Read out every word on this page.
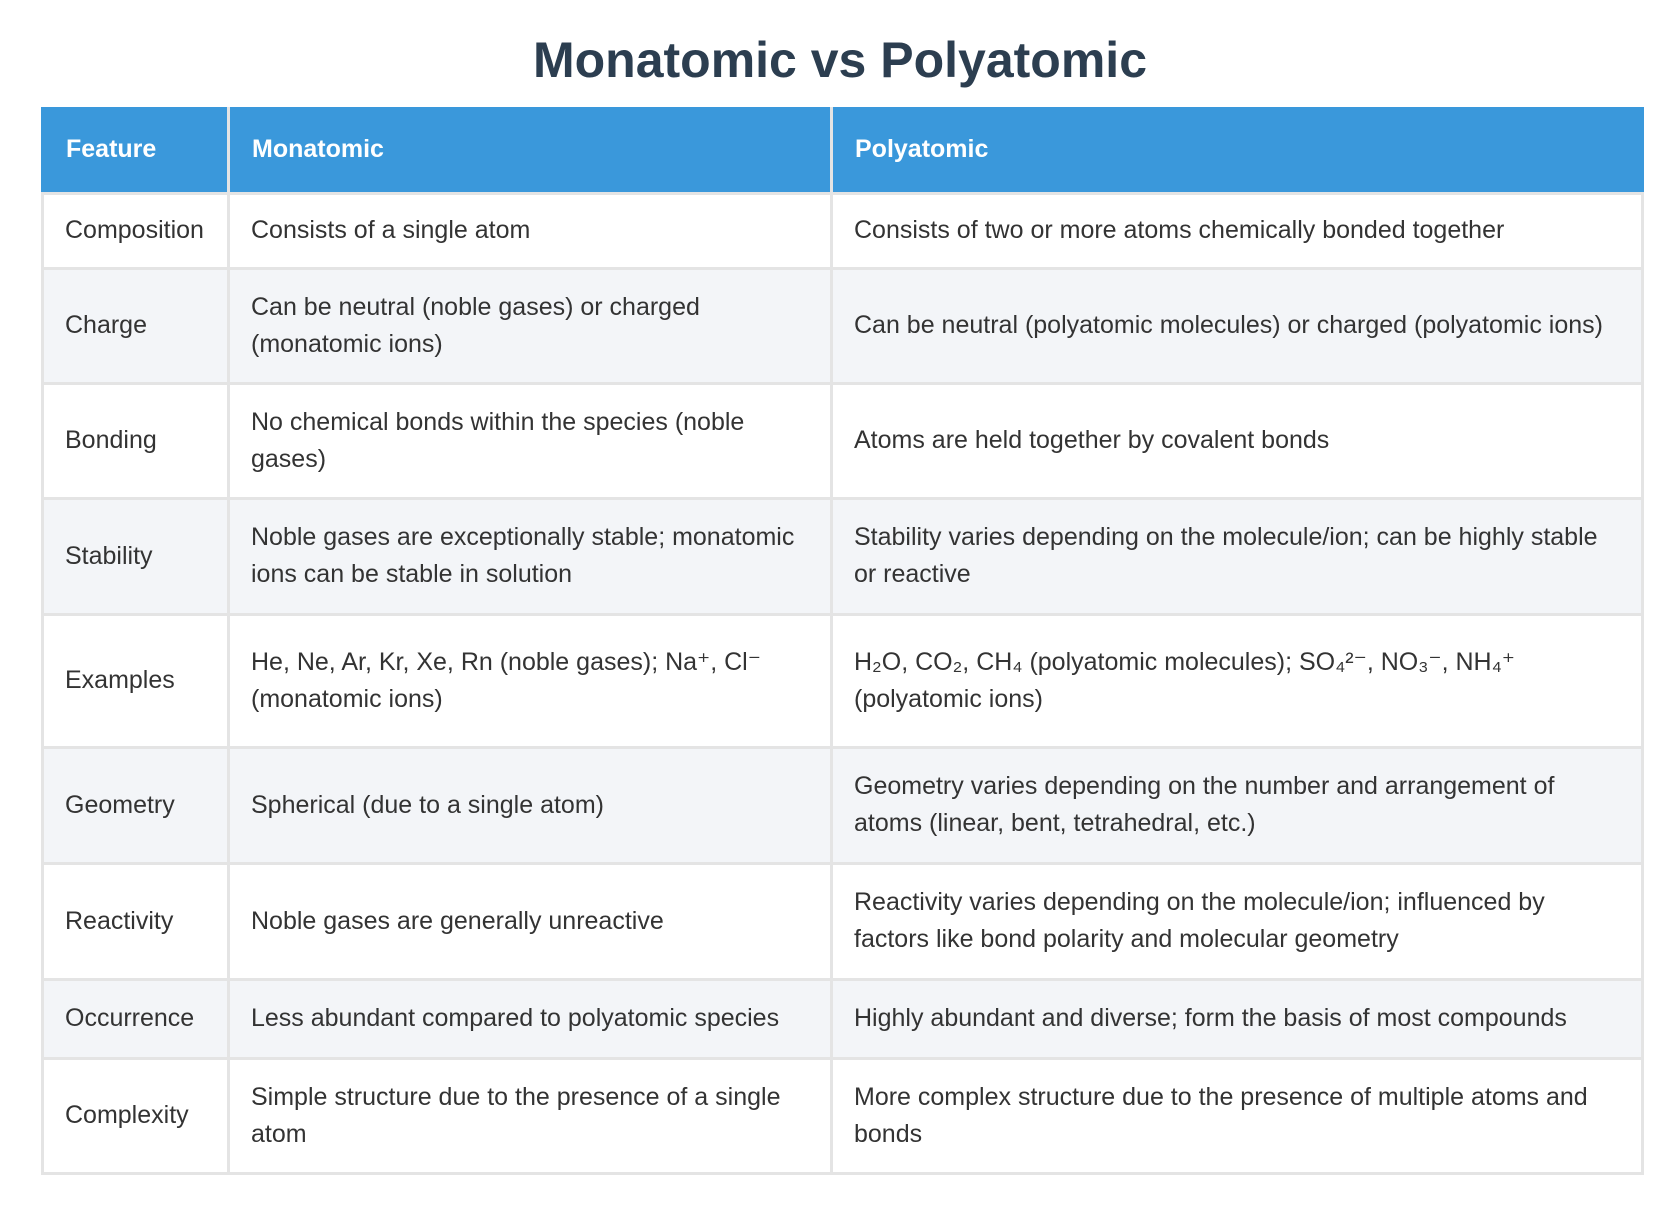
Monatomic vs Polyatomic
Feature	Monatomic	Polyatomic
Composition	Consists of a single atom	Consists of two or more atoms chemically bonded together
Charge	Can be neutral (noble gases) or charged (monatomic ions)	Can be neutral (polyatomic molecules) or charged (polyatomic ions)
Bonding	No chemical bonds within the species (noble gases)	Atoms are held together by covalent bonds
Stability	Noble gases are exceptionally stable; monatomic ions can be stable in solution	Stability varies depending on the molecule/ion; can be highly stable or reactive
Examples	He, Ne, Ar, Kr, Xe, Rn (noble gases); Na⁺, Cl⁻ (monatomic ions)	H₂O, CO₂, CH₄ (polyatomic molecules); SO₄²⁻, NO₃⁻, NH₄⁺ (polyatomic ions)
Geometry	Spherical (due to a single atom)	Geometry varies depending on the number and arrangement of atoms (linear, bent, tetrahedral, etc.)
Reactivity	Noble gases are generally unreactive	Reactivity varies depending on the molecule/ion; influenced by factors like bond polarity and molecular geometry
Occurrence	Less abundant compared to polyatomic species	Highly abundant and diverse; form the basis of most compounds
Complexity	Simple structure due to the presence of a single atom	More complex structure due to the presence of multiple atoms and bonds
